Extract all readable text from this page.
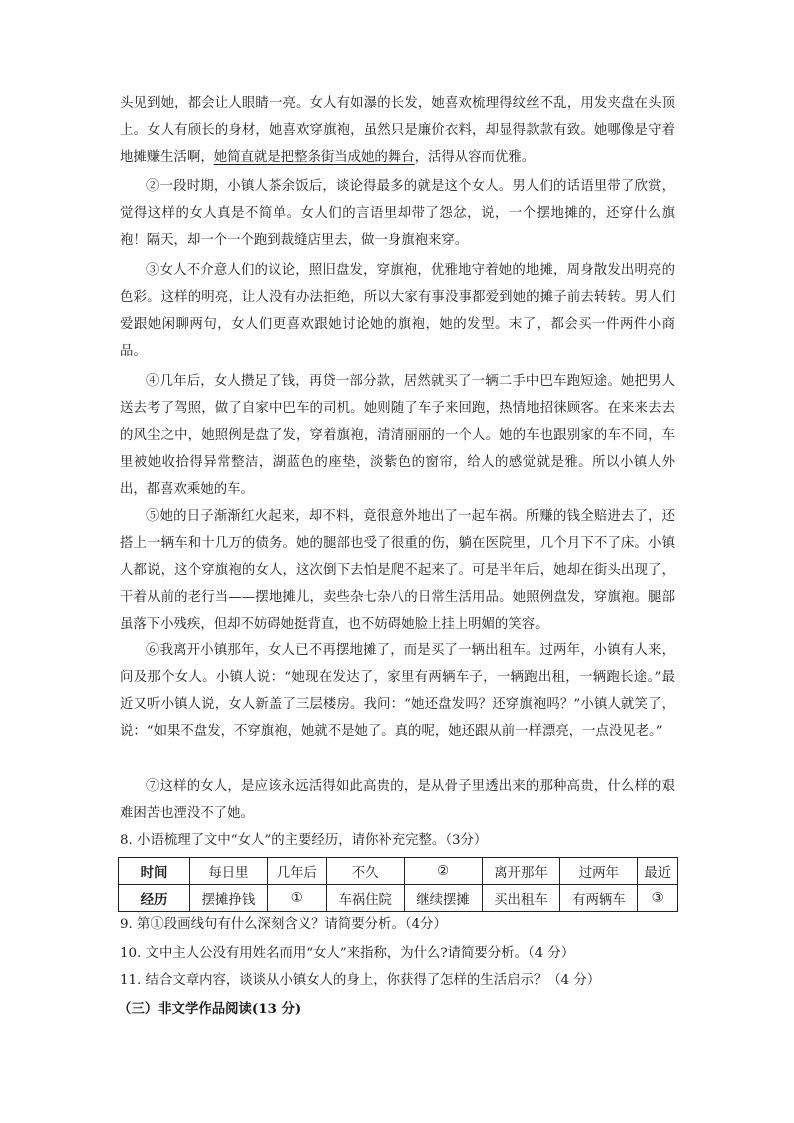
头见到她，都会让人眼睛一亮。女人有如瀑的长发，她喜欢梳理得纹丝不乱，用发夹盘在头顶上。女人有颀长的身材，她喜欢穿旗袍，虽然只是廉价衣料，却显得款款有致。她哪像是守着地摊赚生活啊，她简直就是把整条街当成她的舞台，活得从容而优雅。

②一段时期，小镇人茶余饭后，谈论得最多的就是这个女人。男人们的话语里带了欣赏，觉得这样的女人真是不简单。女人们的言语里却带了怨忿，说，一个摆地摊的，还穿什么旗袍！隔天，却一个一个跑到裁缝店里去，做一身旗袍来穿。

③女人不介意人们的议论，照旧盘发，穿旗袍，优雅地守着她的地摊，周身散发出明亮的色彩。这样的明亮，让人没有办法拒绝，所以大家有事没事都爱到她的摊子前去转转。男人们爱跟她闲聊两句，女人们更喜欢跟她讨论她的旗袍，她的发型。末了，都会买一件两件小商品。

④几年后，女人攒足了钱，再贷一部分款，居然就买了一辆二手中巴车跑短途。她把男人送去考了驾照，做了自家中巴车的司机。她则随了车子来回跑，热情地招徕顾客。在来来去去的风尘之中，她照例是盘了发，穿着旗袍，清清丽丽的一个人。她的车也跟别家的车不同，车里被她收拾得异常整洁，湖蓝色的座垫，淡紫色的窗帘，给人的感觉就是雅。所以小镇人外出，都喜欢乘她的车。

⑤她的日子渐渐红火起来，却不料，竟很意外地出了一起车祸。所赚的钱全赔进去了，还搭上一辆车和十几万的债务。她的腿部也受了很重的伤，躺在医院里，几个月下不了床。小镇人都说，这个穿旗袍的女人，这次倒下去怕是爬不起来了。可是半年后，她却在街头出现了，干着从前的老行当——摆地摊儿，卖些杂七杂八的日常生活用品。她照例盘发，穿旗袍。腿部虽落下小残疾，但却不妨碍她挺背直，也不妨碍她脸上挂上明媚的笑容。

⑥我离开小镇那年，女人已不再摆地摊了，而是买了一辆出租车。过两年，小镇有人来，问及那个女人。小镇人说：“她现在发达了，家里有两辆车子，一辆跑出租，一辆跑长途。”最近又听小镇人说，女人新盖了三层楼房。我问：“她还盘发吗？还穿旗袍吗？”小镇人就笑了，说：“如果不盘发，不穿旗袍，她就不是她了。真的呢，她还跟从前一样漂亮，一点没见老。”

⑦这样的女人，是应该永远活得如此高贵的，是从骨子里透出来的那种高贵，什么样的艰难困苦也湮没不了她。

8. 小语梳理了文中“女人”的主要经历，请你补充完整。（3分）

时间	每日里	几年后	不久	②	离开那年	过两年	最近
经历	摆摊挣钱	①	车祸住院	继续摆摊	买出租车	有两辆车	③

9. 第①段画线句有什么深刻含义？请简要分析。（4分）

10. 文中主人公没有用姓名而用“女人”来指称，为什么?请简要分析。（4 分）

11. 结合文章内容，谈谈从小镇女人的身上，你获得了怎样的生活启示？（4 分）

（三）非文学作品阅读(13 分)
